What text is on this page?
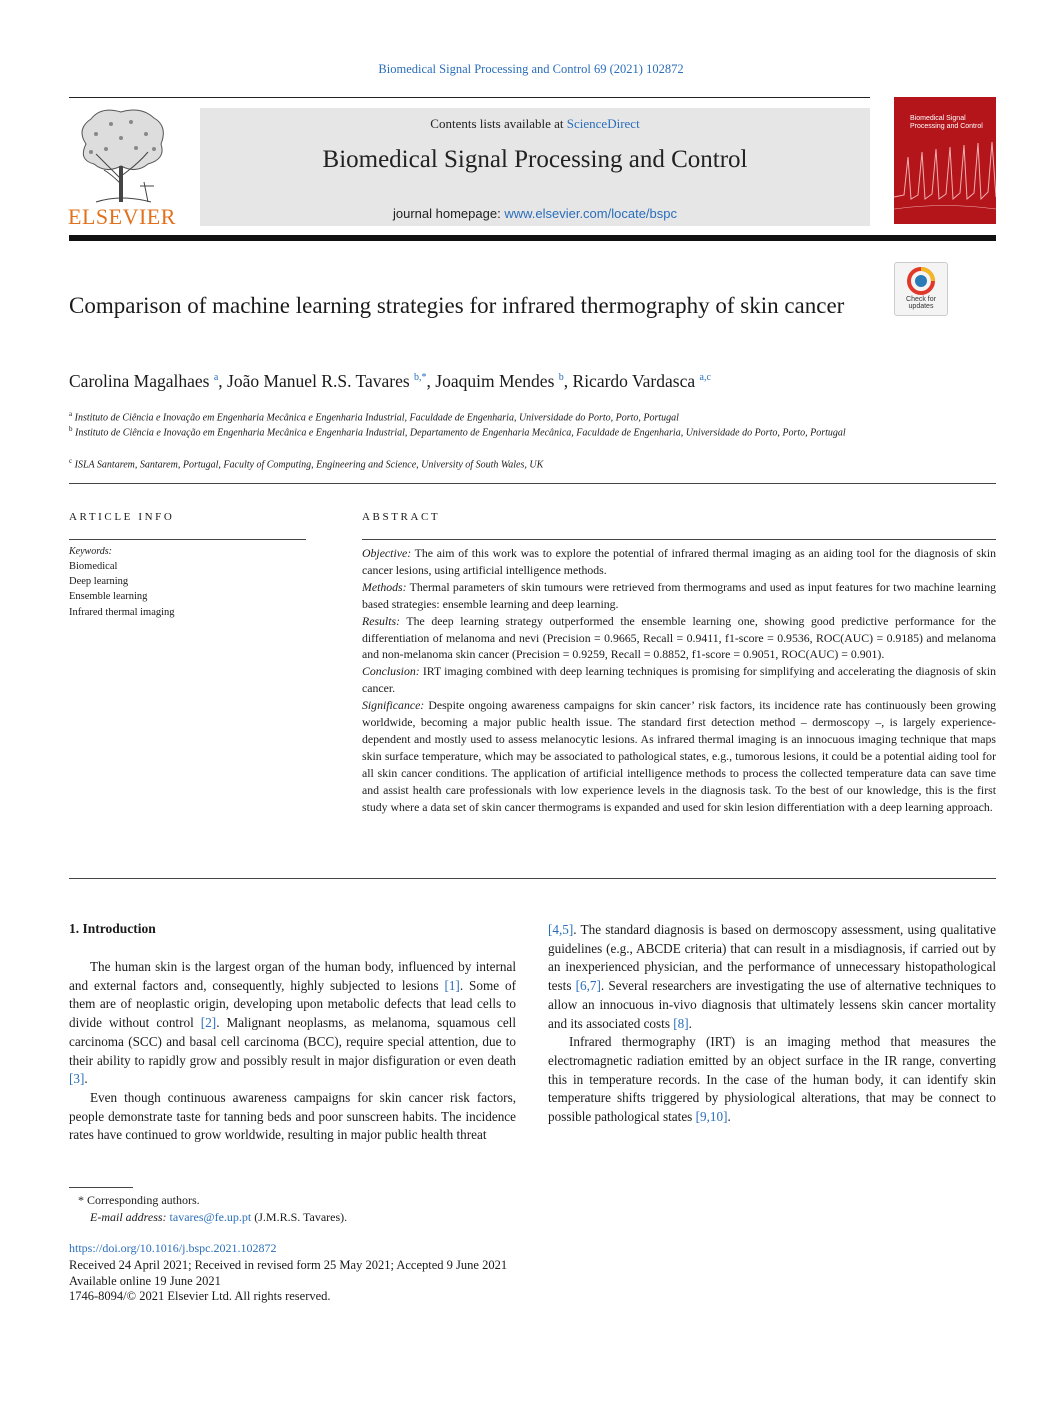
Biomedical Signal Processing and Control 69 (2021) 102872
ELSEVIER
Contents lists available at ScienceDirect
Biomedical Signal Processing and Control
journal homepage: www.elsevier.com/locate/bspc
Biomedical Signal Processing and Control
Check for updates
Comparison of machine learning strategies for infrared thermography of skin cancer
Carolina Magalhaes $^a$, João Manuel R.S. Tavares $^{b,*}$, Joaquim Mendes $^b$, Ricardo Vardasca $^{a,c}$
$^a$ Instituto de Ciência e Inovação em Engenharia Mecânica e Engenharia Industrial, Faculdade de Engenharia, Universidade do Porto, Porto, Portugal
$^b$ Instituto de Ciência e Inovação em Engenharia Mecânica e Engenharia Industrial, Departamento de Engenharia Mecânica, Faculdade de Engenharia, Universidade do Porto, Porto, Portugal
$^c$ ISLA Santarem, Santarem, Portugal, Faculty of Computing, Engineering and Science, University of South Wales, UK
ARTICLE INFO	ABSTRACT
Keywords:
Biomedical
Deep learning
Ensemble learning
Infrared thermal imaging

Objective: The aim of this work was to explore the potential of infrared thermal imaging as an aiding tool for the diagnosis of skin cancer lesions, using artificial intelligence methods.

Methods: Thermal parameters of skin tumours were retrieved from thermograms and used as input features for two machine learning based strategies: ensemble learning and deep learning.

Results: The deep learning strategy outperformed the ensemble learning one, showing good predictive performance for the differentiation of melanoma and nevi (Precision = 0.9665, Recall = 0.9411, f1-score = 0.9536, ROC(AUC) = 0.9185) and melanoma and non-melanoma skin cancer (Precision = 0.9259, Recall = 0.8852, f1-score = 0.9051, ROC(AUC) = 0.901).

Conclusion: IRT imaging combined with deep learning techniques is promising for simplifying and accelerating the diagnosis of skin cancer.

Significance: Despite ongoing awareness campaigns for skin cancer’ risk factors, its incidence rate has continuously been growing worldwide, becoming a major public health issue. The standard first detection method – dermoscopy –, is largely experience-dependent and mostly used to assess melanocytic lesions. As infrared thermal imaging is an innocuous imaging technique that maps skin surface temperature, which may be associated to pathological states, e.g., tumorous lesions, it could be a potential aiding tool for all skin cancer conditions. The application of artificial intelligence methods to process the collected temperature data can save time and assist health care professionals with low experience levels in the diagnosis task. To the best of our knowledge, this is the first study where a data set of skin cancer thermograms is expanded and used for skin lesion differentiation with a deep learning approach.

1. Introduction

The human skin is the largest organ of the human body, influenced by internal and external factors and, consequently, highly subjected to lesions [1]. Some of them are of neoplastic origin, developing upon metabolic defects that lead cells to divide without control [2]. Malignant neoplasms, as melanoma, squamous cell carcinoma (SCC) and basal cell carcinoma (BCC), require special attention, due to their ability to rapidly grow and possibly result in major disfiguration or even death [3].

Even though continuous awareness campaigns for skin cancer risk factors, people demonstrate taste for tanning beds and poor sunscreen habits. The incidence rates have continued to grow worldwide, resulting in major public health threat

[4,5]. The standard diagnosis is based on dermoscopy assessment, using qualitative guidelines (e.g., ABCDE criteria) that can result in a misdiagnosis, if carried out by an inexperienced physician, and the performance of unnecessary histopathological tests [6,7]. Several researchers are investigating the use of alternative techniques to allow an innocuous in-vivo diagnosis that ultimately lessens skin cancer mortality and its associated costs [8].

Infrared thermography (IRT) is an imaging method that measures the electromagnetic radiation emitted by an object surface in the IR range, converting this in temperature records. In the case of the human body, it can identify skin temperature shifts triggered by physiological alterations, that may be connect to possible pathological states [9,10].

* Corresponding authors.
E-mail address: tavares@fe.up.pt (J.M.R.S. Tavares).
https://doi.org/10.1016/j.bspc.2021.102872
Received 24 April 2021; Received in revised form 25 May 2021; Accepted 9 June 2021
Available online 19 June 2021
1746-8094/© 2021 Elsevier Ltd. All rights reserved.
